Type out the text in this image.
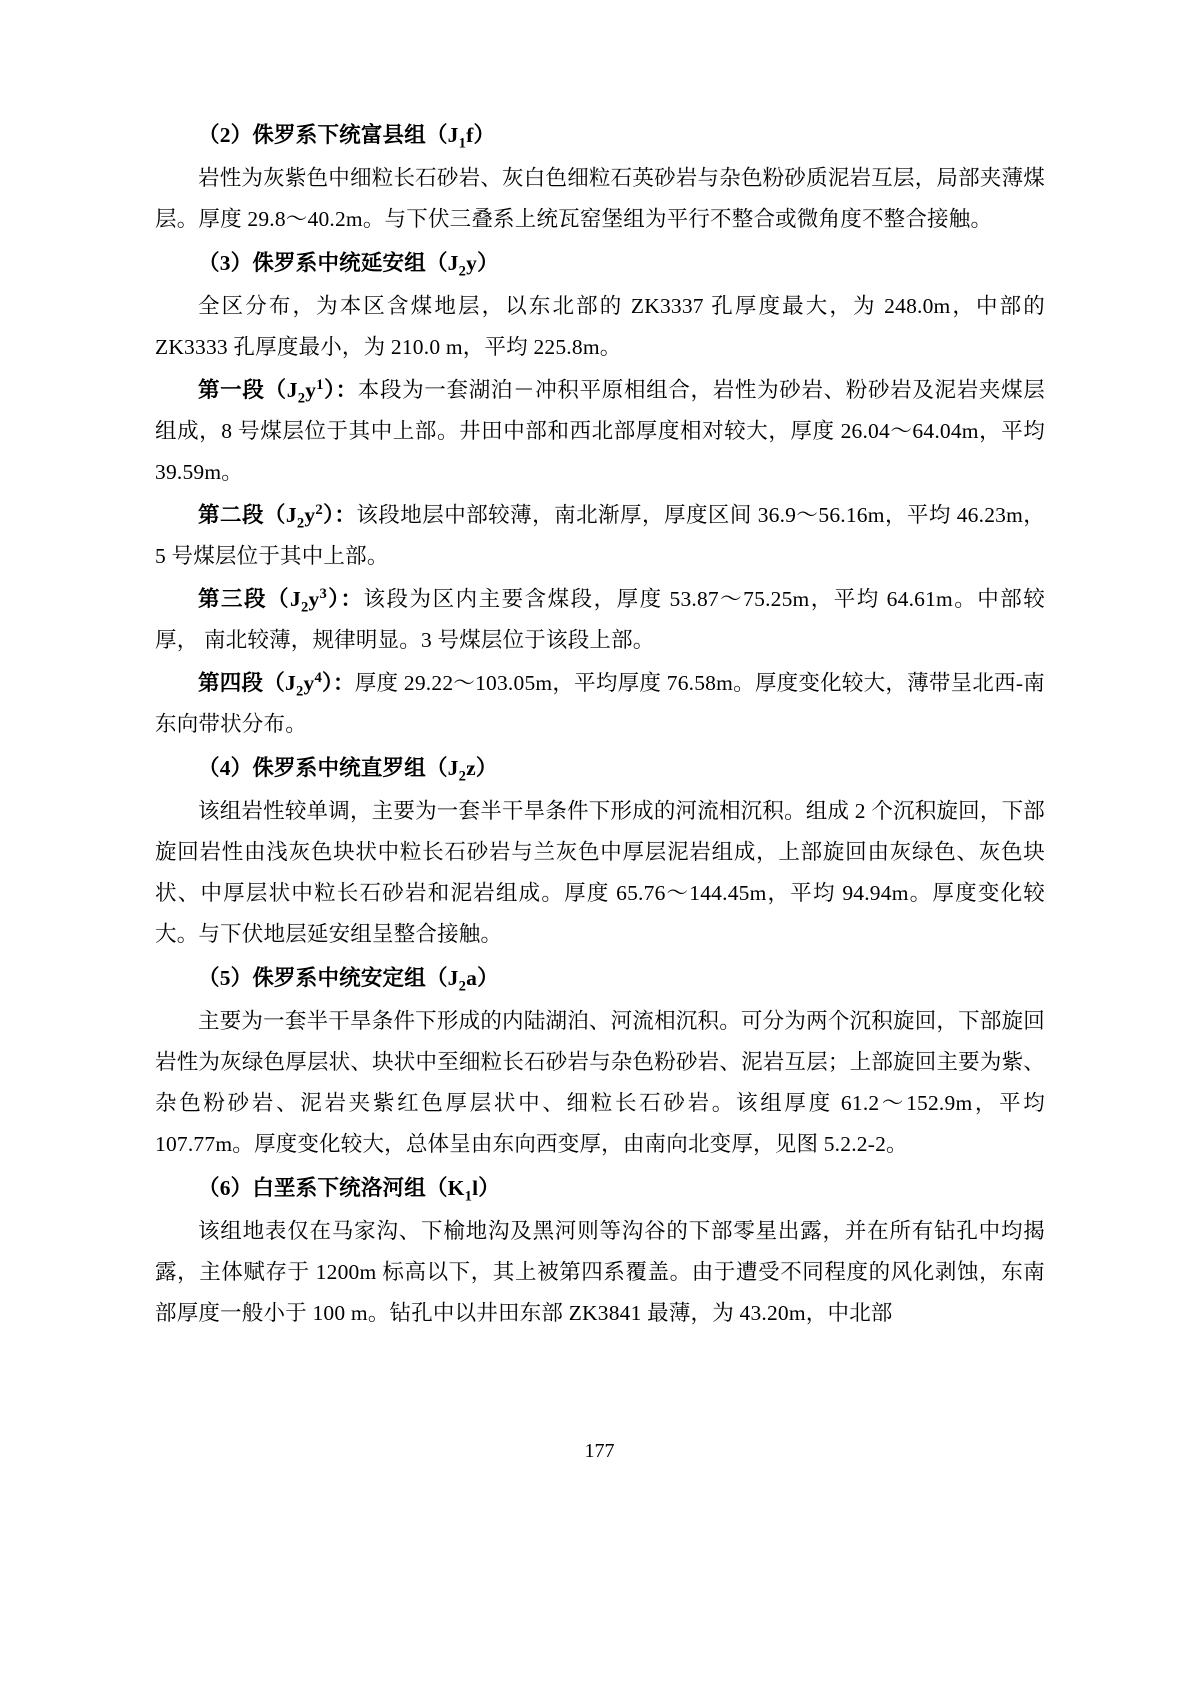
（2）侏罗系下统富县组$(J_1f)$

岩性为灰紫色中细粒长石砂岩、灰白色细粒石英砂岩与杂色粉砂质泥岩互层，局部夹薄煤层。厚度 29.8～40.2m。与下伏三叠系上统瓦窑堡组为平行不整合或微角度不整合接触。

（3）侏罗系中统延安组$(J_2y)$

全区分布，为本区含煤地层，以东北部的 ZK3337 孔厚度最大，为 248.0m，中部的 ZK3333 孔厚度最小，为 210.0 m，平均 225.8m。

第一段$(J_2y^1)$：本段为一套湖泊－冲积平原相组合，岩性为砂岩、粉砂岩及泥岩夹煤层组成，8 号煤层位于其中上部。井田中部和西北部厚度相对较大，厚度 26.04～64.04m，平均 39.59m。

第二段$(J_2y^2)$：该段地层中部较薄，南北渐厚，厚度区间 36.9～56.16m，平均 46.23m，5 号煤层位于其中上部。

第三段$(J_2y^3)$：该段为区内主要含煤段，厚度 53.87～75.25m，平均 64.61m。中部较厚， 南北较薄，规律明显。3 号煤层位于该段上部。

第四段$(J_2y^4)$：厚度 29.22～103.05m，平均厚度 76.58m。厚度变化较大，薄带呈北西-南东向带状分布。

（4）侏罗系中统直罗组$(J_2z)$

该组岩性较单调，主要为一套半干旱条件下形成的河流相沉积。组成 2 个沉积旋回，下部旋回岩性由浅灰色块状中粒长石砂岩与兰灰色中厚层泥岩组成，上部旋回由灰绿色、灰色块状、中厚层状中粒长石砂岩和泥岩组成。厚度 65.76～144.45m，平均 94.94m。厚度变化较大。与下伏地层延安组呈整合接触。

（5）侏罗系中统安定组$(J_2a)$

主要为一套半干旱条件下形成的内陆湖泊、河流相沉积。可分为两个沉积旋回，下部旋回岩性为灰绿色厚层状、块状中至细粒长石砂岩与杂色粉砂岩、泥岩互层；上部旋回主要为紫、杂色粉砂岩、泥岩夹紫红色厚层状中、细粒长石砂岩。该组厚度 61.2～152.9m，平均 107.77m。厚度变化较大，总体呈由东向西变厚，由南向北变厚，见图 5.2.2-2。

（6）白垩系下统洛河组$(K_1l)$

该组地表仅在马家沟、下榆地沟及黑河则等沟谷的下部零星出露，并在所有钻孔中均揭露，主体赋存于 1200m 标高以下，其上被第四系覆盖。由于遭受不同程度的风化剥蚀，东南部厚度一般小于 100 m。钻孔中以井田东部 ZK3841 最薄，为 43.20m，中北部

177
